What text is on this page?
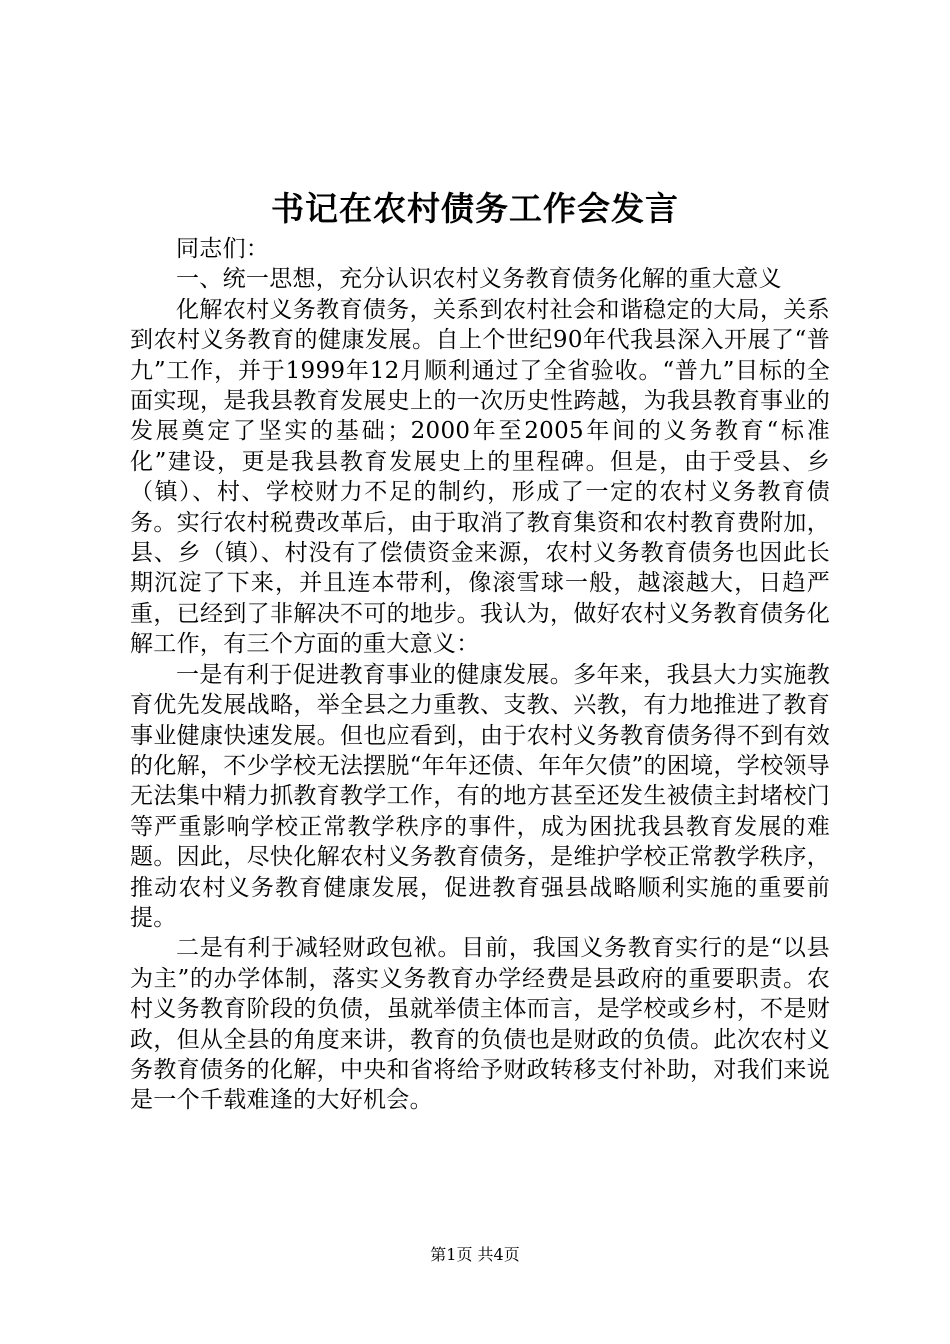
书记在农村债务工作会发言

同志们：

一、统一思想，充分认识农村义务教育债务化解的重大意义

化解农村义务教育债务，关系到农村社会和谐稳定的大局，关系到农村义务教育的健康发展。自上个世纪90年代我县深入开展了“普九”工作，并于1999年12月顺利通过了全省验收。“普九”目标的全面实现，是我县教育发展史上的一次历史性跨越，为我县教育事业的发展奠定了坚实的基础；2000年至2005年间的义务教育“标准化”建设，更是我县教育发展史上的里程碑。但是，由于受县、乡（镇）、村、学校财力不足的制约，形成了一定的农村义务教育债务。实行农村税费改革后，由于取消了教育集资和农村教育费附加，县、乡（镇）、村没有了偿债资金来源，农村义务教育债务也因此长期沉淀了下来，并且连本带利，像滚雪球一般，越滚越大，日趋严重，已经到了非解决不可的地步。我认为，做好农村义务教育债务化解工作，有三个方面的重大意义：

一是有利于促进教育事业的健康发展。多年来，我县大力实施教育优先发展战略，举全县之力重教、支教、兴教，有力地推进了教育事业健康快速发展。但也应看到，由于农村义务教育债务得不到有效的化解，不少学校无法摆脱“年年还债、年年欠债”的困境，学校领导无法集中精力抓教育教学工作，有的地方甚至还发生被债主封堵校门等严重影响学校正常教学秩序的事件，成为困扰我县教育发展的难题。因此，尽快化解农村义务教育债务，是维护学校正常教学秩序，推动农村义务教育健康发展，促进教育强县战略顺利实施的重要前提。

二是有利于减轻财政包袱。目前，我国义务教育实行的是“以县为主”的办学体制，落实义务教育办学经费是县政府的重要职责。农村义务教育阶段的负债，虽就举债主体而言，是学校或乡村，不是财政，但从全县的角度来讲，教育的负债也是财政的负债。此次农村义务教育债务的化解，中央和省将给予财政转移支付补助，对我们来说是一个千载难逢的大好机会。

第1页 共4页
